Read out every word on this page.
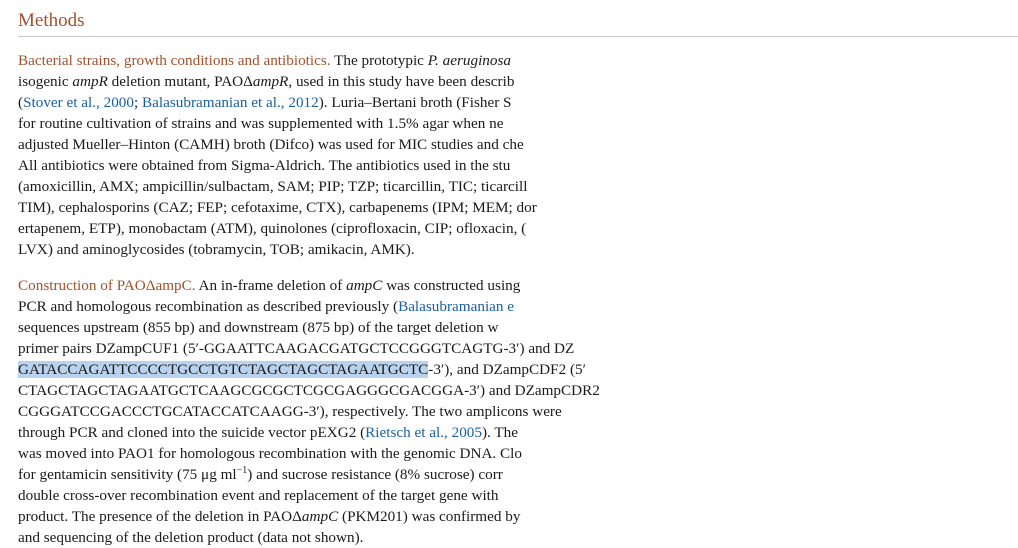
Methods
Bacterial strains, growth conditions and antibiotics. The prototypic P. aeruginosa
isogenic ampR deletion mutant, PAOΔampR, used in this study have been describ
(Stover et al., 2000; Balasubramanian et al., 2012). Luria–Bertani broth (Fisher S
for routine cultivation of strains and was supplemented with 1.5% agar when ne
adjusted Mueller–Hinton (CAMH) broth (Difco) was used for MIC studies and che
All antibiotics were obtained from Sigma-Aldrich. The antibiotics used in the stu
(amoxicillin, AMX; ampicillin/sulbactam, SAM; PIP; TZP; ticarcillin, TIC; ticarcill
TIM), cephalosporins (CAZ; FEP; cefotaxime, CTX), carbapenems (IPM; MEM; dor
ertapenem, ETP), monobactam (ATM), quinolones (ciprofloxacin, CIP; ofloxacin, (
LVX) and aminoglycosides (tobramycin, TOB; amikacin, AMK).
Construction of PAOΔampC. An in-frame deletion of ampC was constructed using
PCR and homologous recombination as described previously (Balasubramanian e
sequences upstream (855 bp) and downstream (875 bp) of the target deletion w
primer pairs DZampCUF1 (5′-GGAATTCAAGACGATGCTCCGGGTCAGTG-3′) and DZ
GATACCAGATTCCCCTGCCTGTCTAGCTAGCTAGAATGCTC-3′), and DZampCDF2 (5′
CTAGCTAGCTAGAATGCTCAAGCGCGCTCGCGAGGGCGACGGA-3′) and DZampCDR2
CGGGATCCGACCCTGCATACCATCAAGG-3′), respectively. The two amplicons were
through PCR and cloned into the suicide vector pEXG2 (Rietsch et al., 2005). The
was moved into PAO1 for homologous recombination with the genomic DNA. Clo
for gentamicin sensitivity (75 μg $ml^{-1}$) and sucrose resistance (8% sucrose) corr
double cross-over recombination event and replacement of the target gene with
product. The presence of the deletion in PAOΔampC (PKM201) was confirmed by
and sequencing of the deletion product (data not shown).
